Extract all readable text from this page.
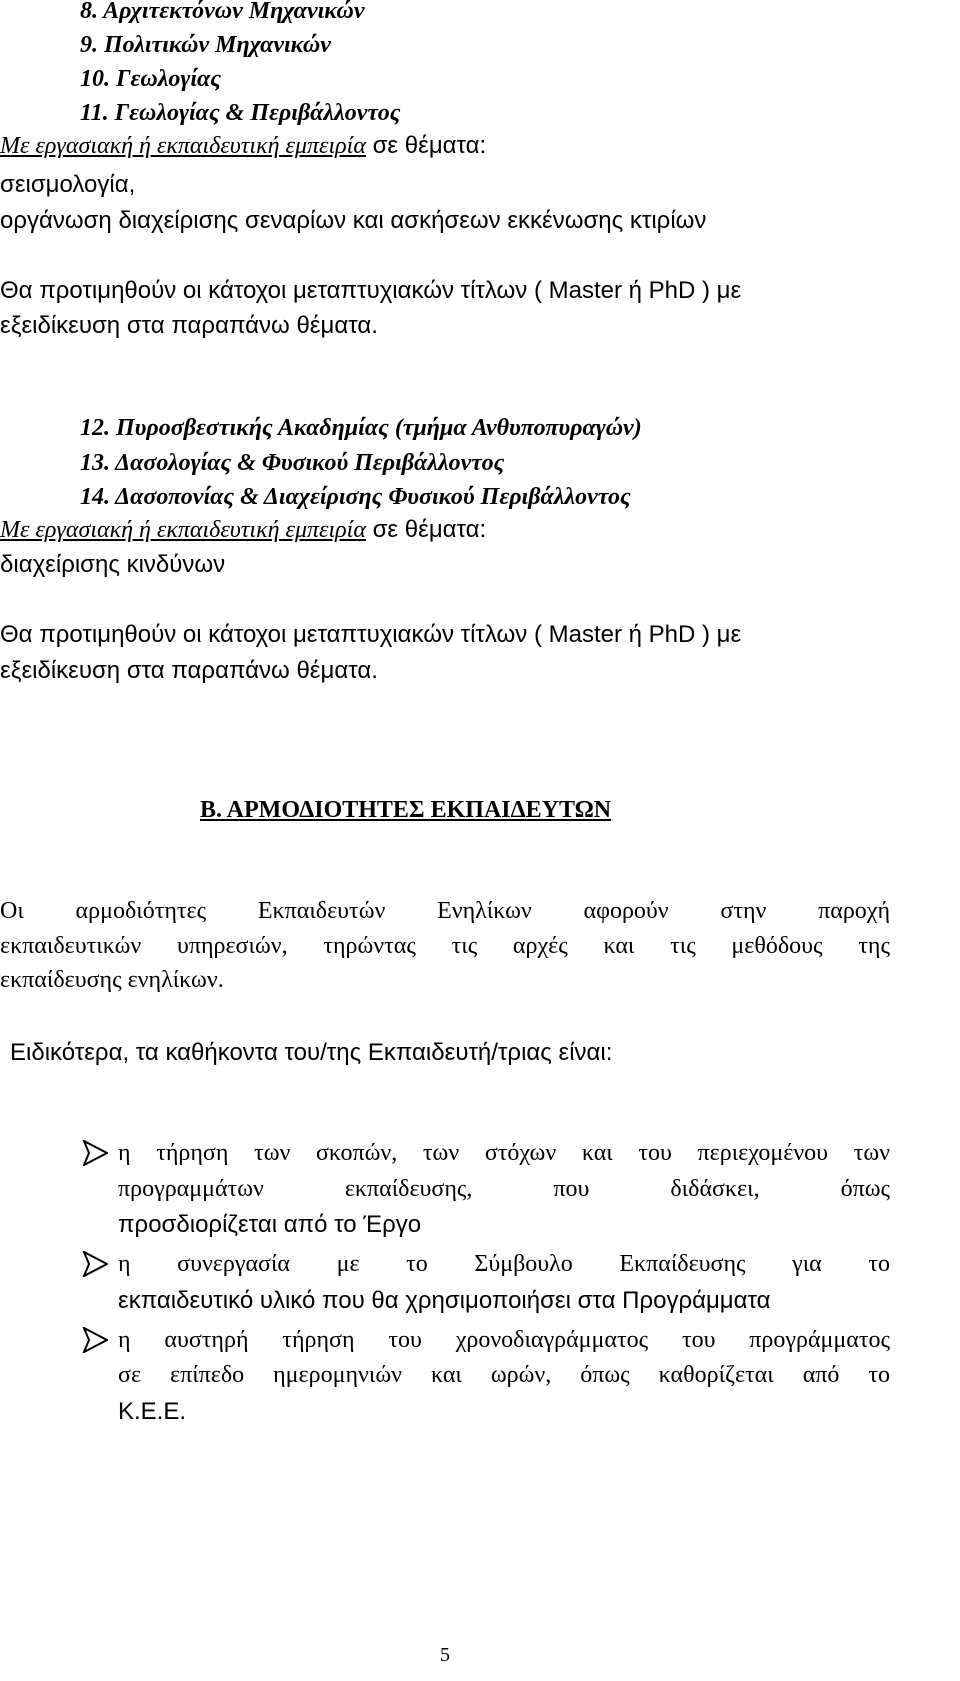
8. Αρχιτεκτόνων Μηχανικών
9. Πολιτικών Μηχανικών
10. Γεωλογίας
11. Γεωλογίας & Περιβάλλοντος
Με εργασιακή ή εκπαιδευτική εμπειρία σε θέματα:
σεισμολογία,
οργάνωση διαχείρισης σεναρίων και ασκήσεων εκκένωσης κτιρίων
Θα προτιμηθούν οι κάτοχοι μεταπτυχιακών τίτλων ( Master ή PhD ) με
εξειδίκευση στα παραπάνω θέματα.
12. Πυροσβεστικής Ακαδημίας (τμήμα Ανθυποπυραγών)
13. Δασολογίας & Φυσικού Περιβάλλοντος
14. Δασοπονίας & Διαχείρισης Φυσικού Περιβάλλοντος
Με εργασιακή ή εκπαιδευτική εμπειρία σε θέματα:
διαχείρισης κινδύνων
Θα προτιμηθούν οι κάτοχοι μεταπτυχιακών τίτλων ( Master ή PhD ) με
εξειδίκευση στα παραπάνω θέματα.
Β. ΑΡΜΟΔΙΟΤΗΤΕΣ ΕΚΠΑΙΔΕΥΤΩΝ
Οι αρμοδιότητες Εκπαιδευτών Ενηλίκων αφορούν στην παροχή
εκπαιδευτικών υπηρεσιών, τηρώντας τις αρχές και τις μεθόδους της
εκπαίδευσης ενηλίκων.
Ειδικότερα, τα καθήκοντα του/της Εκπαιδευτή/τριας είναι:
η τήρηση των σκοπών, των στόχων και του περιεχομένου των
προγραμμάτων εκπαίδευσης, που διδάσκει, όπως
προσδιορίζεται από το Έργο
η συνεργασία με το Σύμβουλο Εκπαίδευσης για το
εκπαιδευτικό υλικό που θα χρησιμοποιήσει στα Προγράμματα
η αυστηρή τήρηση του χρονοδιαγράμματος του προγράμματος
σε επίπεδο ημερομηνιών και ωρών, όπως καθορίζεται από το
Κ.Ε.Ε.
5
